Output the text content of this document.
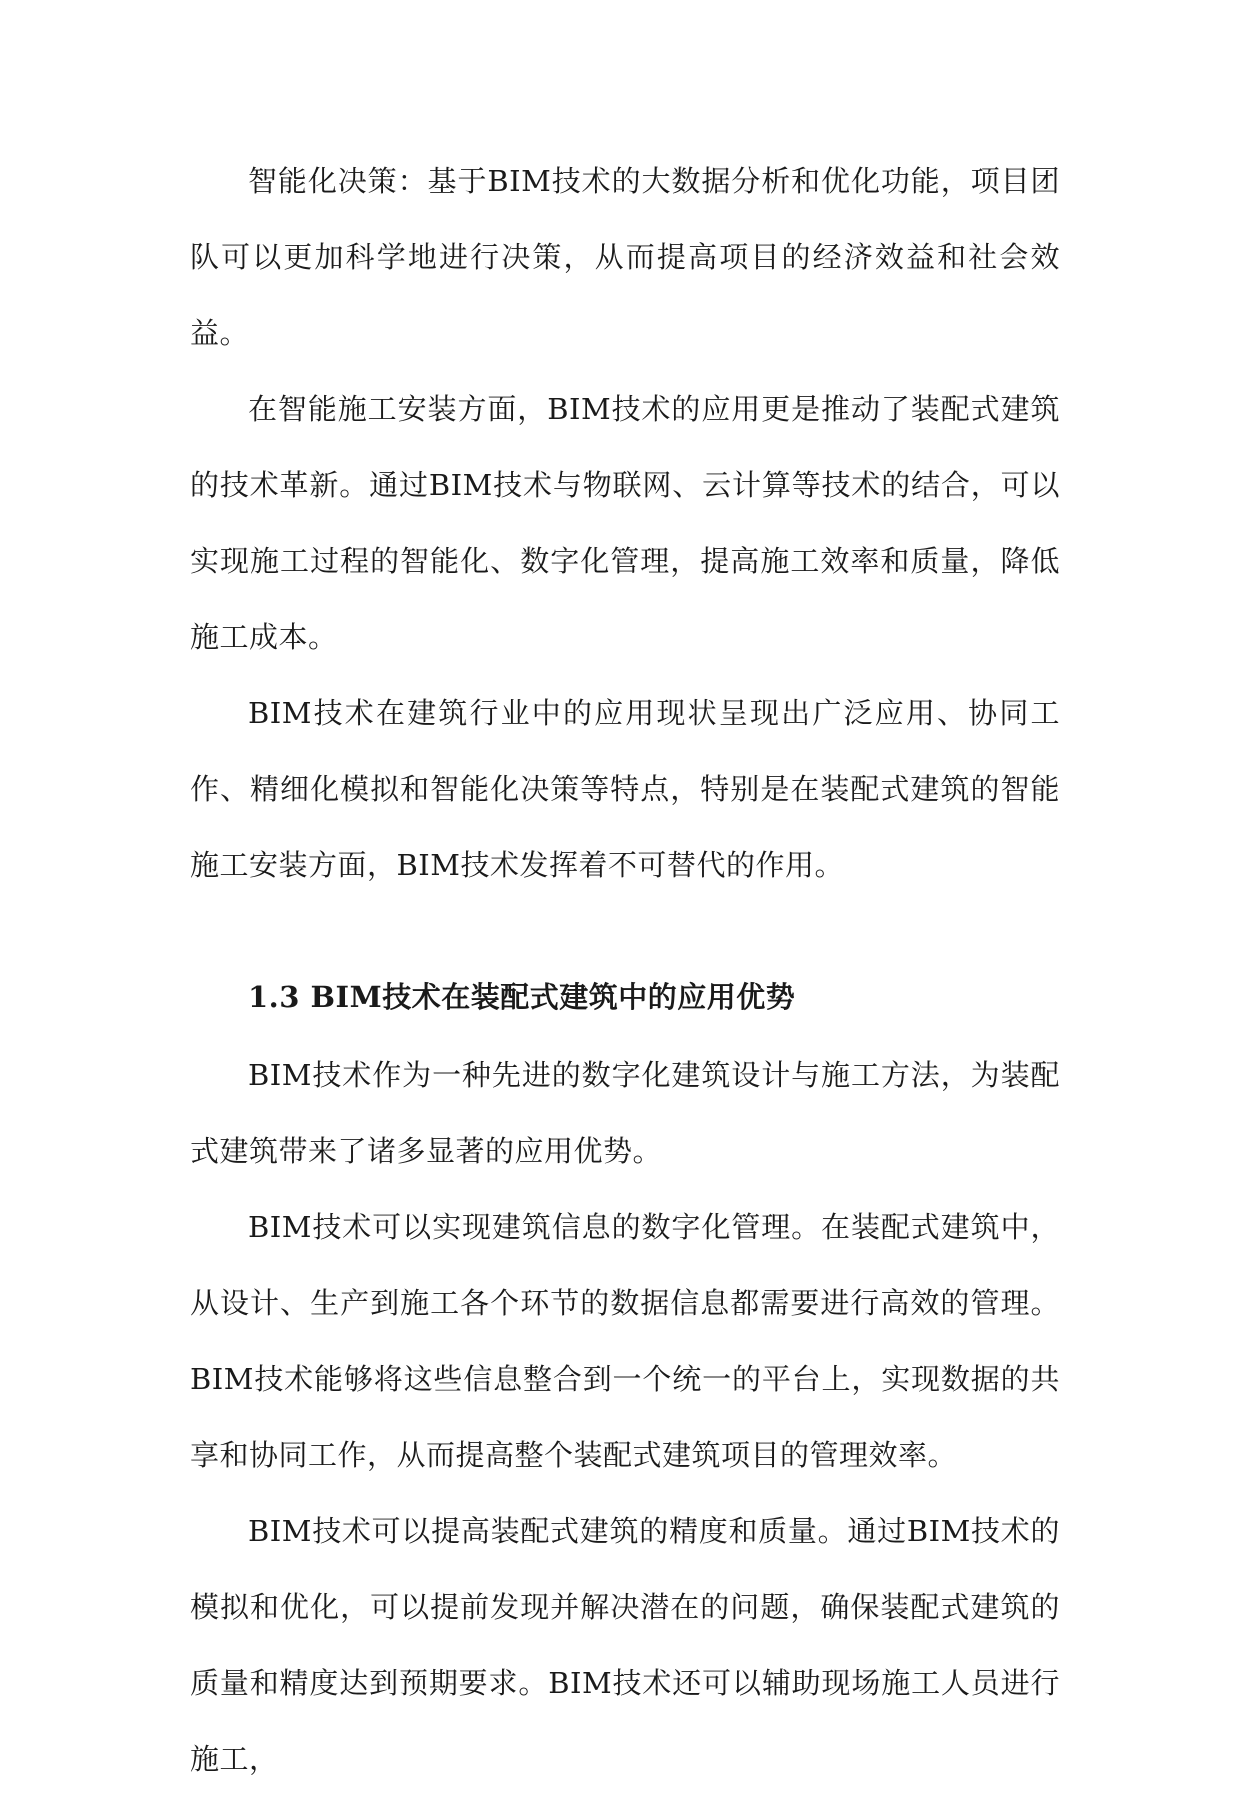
智能化决策：基于BIM技术的大数据分析和优化功能，项目团队可以更加科学地进行决策，从而提高项目的经济效益和社会效益。

在智能施工安装方面，BIM技术的应用更是推动了装配式建筑的技术革新。通过BIM技术与物联网、云计算等技术的结合，可以实现施工过程的智能化、数字化管理，提高施工效率和质量，降低施工成本。

BIM技术在建筑行业中的应用现状呈现出广泛应用、协同工作、精细化模拟和智能化决策等特点，特别是在装配式建筑的智能施工安装方面，BIM技术发挥着不可替代的作用。

1.3 BIM技术在装配式建筑中的应用优势

BIM技术作为一种先进的数字化建筑设计与施工方法，为装配式建筑带来了诸多显著的应用优势。

BIM技术可以实现建筑信息的数字化管理。在装配式建筑中，从设计、生产到施工各个环节的数据信息都需要进行高效的管理。BIM技术能够将这些信息整合到一个统一的平台上，实现数据的共享和协同工作，从而提高整个装配式建筑项目的管理效率。

BIM技术可以提高装配式建筑的精度和质量。通过BIM技术的模拟和优化，可以提前发现并解决潜在的问题，确保装配式建筑的质量和精度达到预期要求。BIM技术还可以辅助现场施工人员进行施工，
